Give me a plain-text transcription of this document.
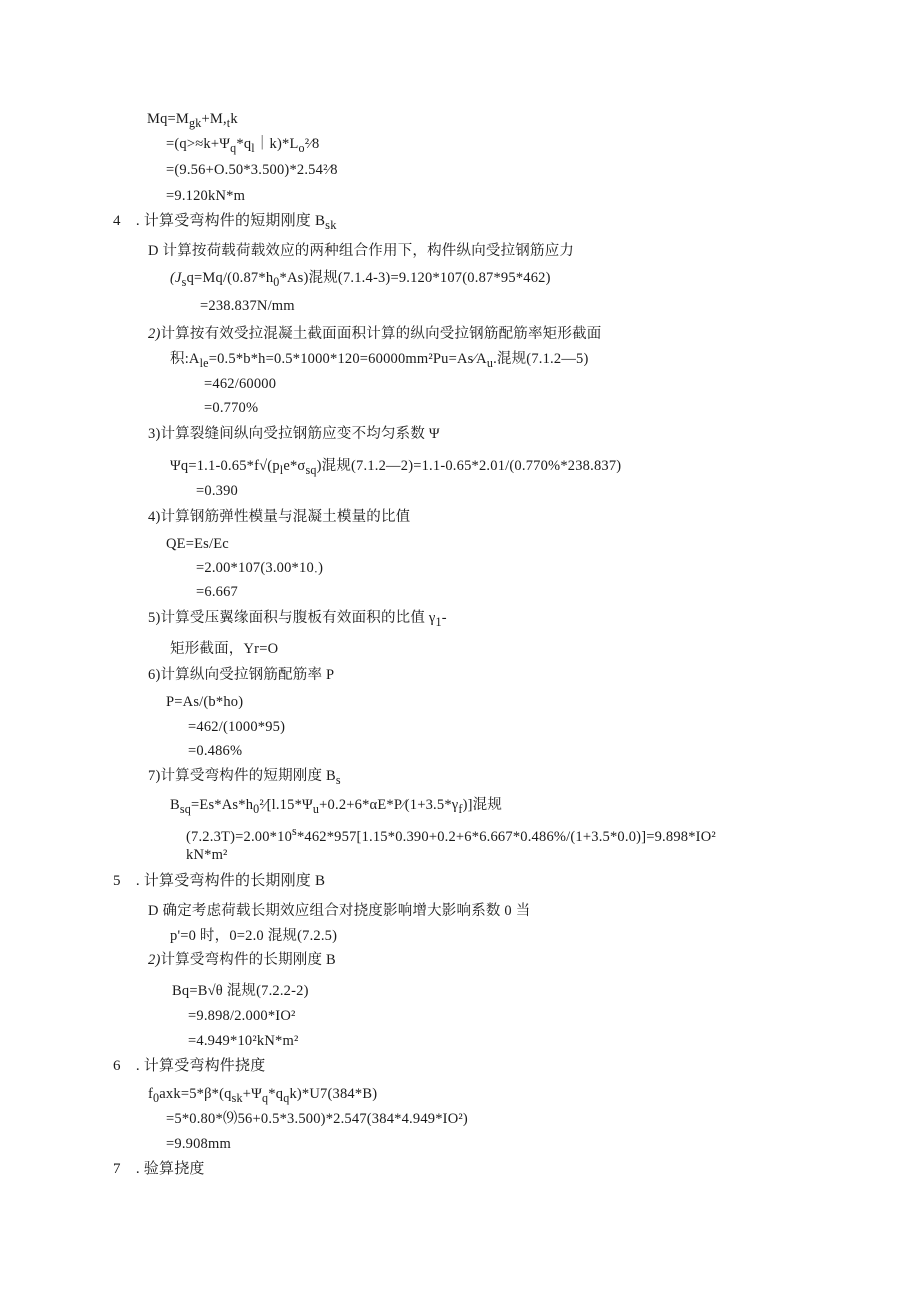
$Mq=M_{gk}+M,_tk$
$=(q>\approx k+\Psi_q*q_l|k)*L_o^2⁄8$
=(9.56+O.50*3.500)*2.54²⁄8
=9.120kN*m
4　. 计算受弯构件的短期刚度 $B_{sk}$
D 计算按荷载荷载效应的两种组合作用下，构件纵向受拉钢筋应力
($J_sq=Mq/(0.87*h_0*As)$混规(7.1.4-3)=9.120*107(0.87*95*462)
=238.837N/mm
2)计算按有效受拉混凝土截面面积计算的纵向受拉钢筋配筋率矩形截面
积$:A_{le}=0.5*b*h=0.5*1000*120=60000mm^2Pu=As⁄A_u$.混规(7.1.2—5)
=462/60000
=0.770%
3)计算裂缝间纵向受拉钢筋应变不均匀系数 Ψ
$\Psi q=1.1-0.65*f√(p_le*\sigma_{sq})$混规(7.1.2—2)=1.1-0.65*2.01/(0.770%*238.837)
=0.390
4)计算钢筋弹性模量与混凝土模量的比值
QE=Es/Ec
$=2.00*107(3.00*10_\cdot)$
=6.667
5)计算受压翼缘面积与腹板有效面积的比值 $\gamma_1-$
矩形截面，Yr=O
6)计算纵向受拉钢筋配筋率 P
P=As/(b*ho)
=462/(1000*95)
=0.486%
7)计算受弯构件的短期刚度 $B_s$
$B_{sq}=Es*As*h_0^2⁄[l.15*\Psi_u+0.2+6*\alpha E*P⁄(1+3.5*\gamma_f)]$混规
$(7.2.3T)=2.00*10^s*462*957[1.15*0.390+0.2+6*6.667*0.486\%/(1+3.5*0.0)]=9.898*IO^2$
kN*m²
5　. 计算受弯构件的长期刚度 B
D 确定考虑荷载长期效应组合对挠度影响增大影响系数 0 当
p'=0 时，0=2.0 混规(7.2.5)
2)计算受弯构件的长期刚度 B
Bq=B√θ 混规(7.2.2-2)
=9.898/2.000*IO²
=4.949*10²kN*m²
6　. 计算受弯构件挠度
$f_0axk=5*\beta*(q_{sk}+\Psi_q*q_qk)*U7(384*B)$
=5*0.80*⑼56+0.5*3.500)*2.547(384*4.949*IO²)
=9.908mm
7　. 验算挠度
